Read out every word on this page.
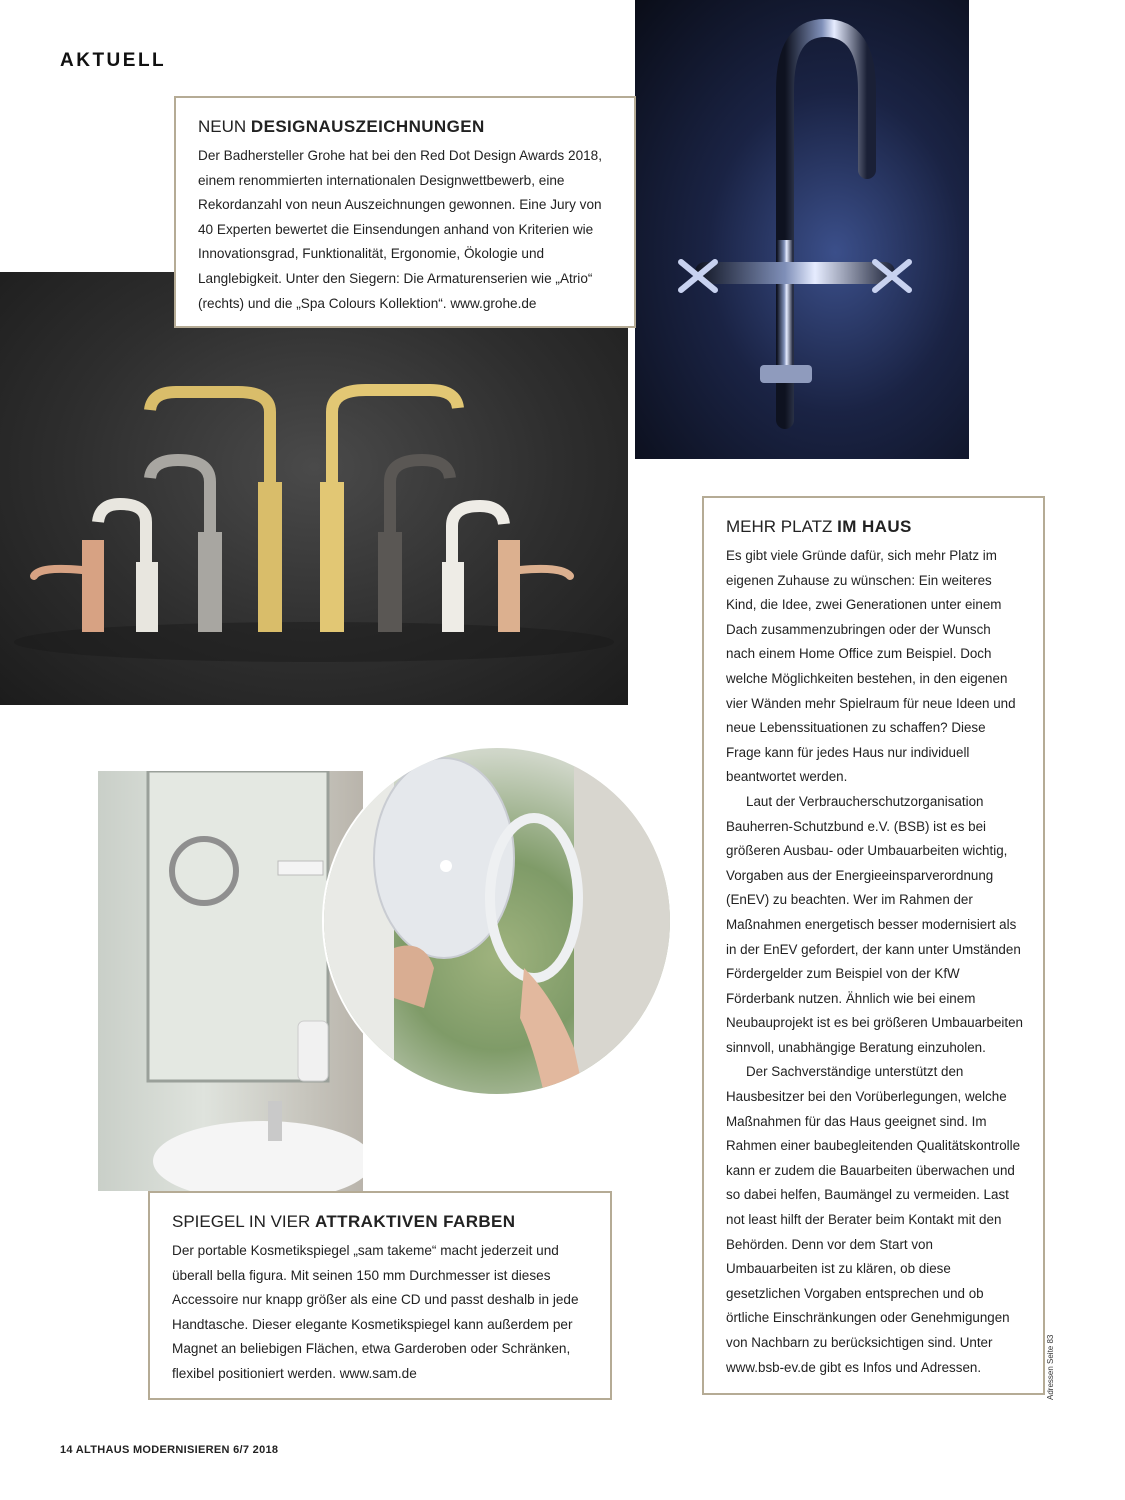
AKTUELL
NEUN DESIGNAUSZEICHNUNGEN

Der Badhersteller Grohe hat bei den Red Dot Design Awards 2018, einem renommierten internationalen Designwettbewerb, eine Rekordanzahl von neun Auszeichnungen gewonnen. Eine Jury von 40 Experten bewertet die Einsendungen anhand von Kriterien wie Innovationsgrad, Funktionalität, Ergonomie, Ökologie und Langlebigkeit. Unter den Siegern: Die Armaturenserien wie „Atrio“ (rechts) und die „Spa Colours Kollektion“. www.grohe.de

SPIEGEL IN VIER ATTRAKTIVEN FARBEN

Der portable Kosmetikspiegel „sam takeme“ macht jederzeit und überall bella figura. Mit seinen 150 mm Durchmesser ist dieses Accessoire nur knapp größer als eine CD und passt deshalb in jede Handtasche. Dieser elegante Kosmetikspiegel kann außerdem per Magnet an beliebigen Flächen, etwa Garderoben oder Schränken, flexibel positioniert werden. www.sam.de

MEHR PLATZ IM HAUS

Es gibt viele Gründe dafür, sich mehr Platz im eigenen Zuhause zu wünschen: Ein weiteres Kind, die Idee, zwei Generationen unter einem Dach zusammenzubringen oder der Wunsch nach einem Home Office zum Beispiel. Doch welche Möglichkeiten bestehen, in den eigenen vier Wänden mehr Spielraum für neue Ideen und neue Lebenssituationen zu schaffen? Diese Frage kann für jedes Haus nur individuell beantwortet werden.

Laut der Verbraucherschutzorganisation Bauherren-Schutzbund e.V. (BSB) ist es bei größeren Ausbau- oder Umbauarbeiten wichtig, Vorgaben aus der Energieeinsparverordnung (EnEV) zu beachten. Wer im Rahmen der Maßnahmen energetisch besser modernisiert als in der EnEV gefordert, der kann unter Umständen Fördergelder zum Beispiel von der KfW Förderbank nutzen. Ähnlich wie bei einem Neubauprojekt ist es bei größeren Umbauarbeiten sinnvoll, unabhängige Beratung einzuholen.

Der Sachverständige unterstützt den Hausbesitzer bei den Vorüberlegungen, welche Maßnahmen für das Haus geeignet sind. Im Rahmen einer baubegleitenden Qualitätskontrolle kann er zudem die Bauarbeiten überwachen und so dabei helfen, Baumängel zu vermeiden. Last not least hilft der Berater beim Kontakt mit den Behörden. Denn vor dem Start von Umbauarbeiten ist zu klären, ob diese gesetzlichen Vorgaben entsprechen und ob örtliche Einschränkungen oder Genehmigungen von Nachbarn zu berücksichtigen sind. Unter www.bsb-ev.de gibt es Infos und Adressen.	Adressen Seite 83
14 ALTHAUS MODERNISIEREN 6/7 2018
